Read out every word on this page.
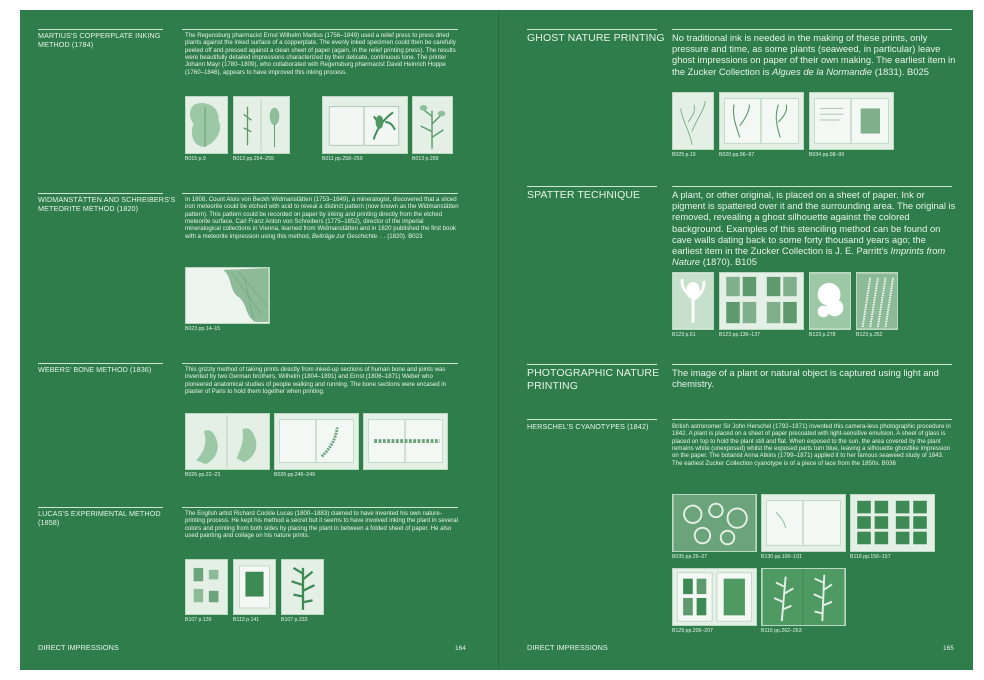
MARTIUS'S COPPERPLATE INKING METHOD (1784)
The Regensburg pharmacist Ernst Wilhelm Martius (1756–1849) used a relief press to press dried plants against the inked surface of a copperplate. The evenly inked specimen could then be carefully peeled off and pressed against a clean sheet of paper (again, in the relief printing press). The results were beautifully detailed impressions characterized by their delicate, continuous tone. The printer Johann Mayr (1780–1809), who collaborated with Regensburg pharmacist David Heinrich Hoppe (1760–1846), appears to have improved this inking process.
B015 p.9	B013 pp.254–255	B011 pp.258–259	B013 p.289
WIDMANSTÄTTEN AND SCHREIBERS'S METEORITE METHOD (1820)
In 1808, Count Alois von Beckh Widmanstätten (1753–1849), a mineralogist, discovered that a sliced iron meteorite could be etched with acid to reveal a distinct pattern (now known as the Widmanstätten pattern). This pattern could be recorded on paper by inking and printing directly from the etched meteorite surface. Carl Franz Anton von Schreibers (1775–1852), director of the imperial mineralogical collections in Vienna, learned from Widmanstätten and in 1820 published the first book with a meteorite impression using this method, Beiträge zur Geschichte. . . (1820). B023
B023 pp.14–15
WEBERS' BONE METHOD (1836)	This grizzly method of taking prints directly from inked-up sections of human bone and joints was invented by two German brothers, Wilhelm (1804–1891) and Ernst (1806–1871) Weber who pioneered anatomical studies of people walking and running. The bone sections were encased in plaster of Paris to hold them together when printing.
B026 pp.22–23	B026 pp.246–249
LUCAS'S EXPERIMENTAL METHOD (1858)
The English artist Richard Cockle Lucas (1800–1883) claimed to have invented his own nature-printing process. He kept his method a secret but it seems to have involved inking the plant in several colors and printing from both sides by placing the plant in between a folded sheet of paper. He also used painting and collage on his nature prints.
B107 p.139	B113 p.141	B107 p.333
DIRECT IMPRESSIONS	164
GHOST NATURE PRINTING No traditional ink is needed in the making of these prints, only pressure and time, as some plants (seaweed, in particular) leave ghost impressions on paper of their own making. The earliest item in the Zucker Collection is Algues de la Normandie (1831). B025
B025 p.19	B020 pp.96–97	B034 pp.98–99
SPATTER TECHNIQUE	A plant, or other original, is placed on a sheet of paper. Ink or pigment is spattered over it and the surrounding area. The original is removed, revealing a ghost silhouette against the colored background. Examples of this stenciling method can be found on cave walls dating back to some forty thousand years ago; the earliest item in the Zucker Collection is J. E. Parritt's Imprints from Nature (1870). B105
B123 p.51	B123 pp.136–137	B123 p.278	B123 p.352
PHOTOGRAPHIC NATURE PRINTING
The image of a plant or natural object is captured using light and chemistry.
HERSCHEL'S CYANOTYPES (1842)	British astronomer Sir John Herschel (1792–1871) invented this camera-less photographic procedure in 1842. A plant is placed on a sheet of paper precoated with light-sensitive emulsion. A sheet of glass is placed on top to hold the plant still and flat. When exposed to the sun, the area covered by the plant remains white (unexposed) whilst the exposed parts turn blue, leaving a silhouette ghostlike impression on the paper. The botanist Anna Atkins (1799–1871) applied it to her famous seaweed study of 1843. The earliest Zucker Collection cyanotype is of a piece of lace from the 1850s. B036
B035 pp.26–27	B130 pp.100–101	B116 pp.156–157
B129 pp.206–207	B116 pp.262–263
DIRECT IMPRESSIONS	165
